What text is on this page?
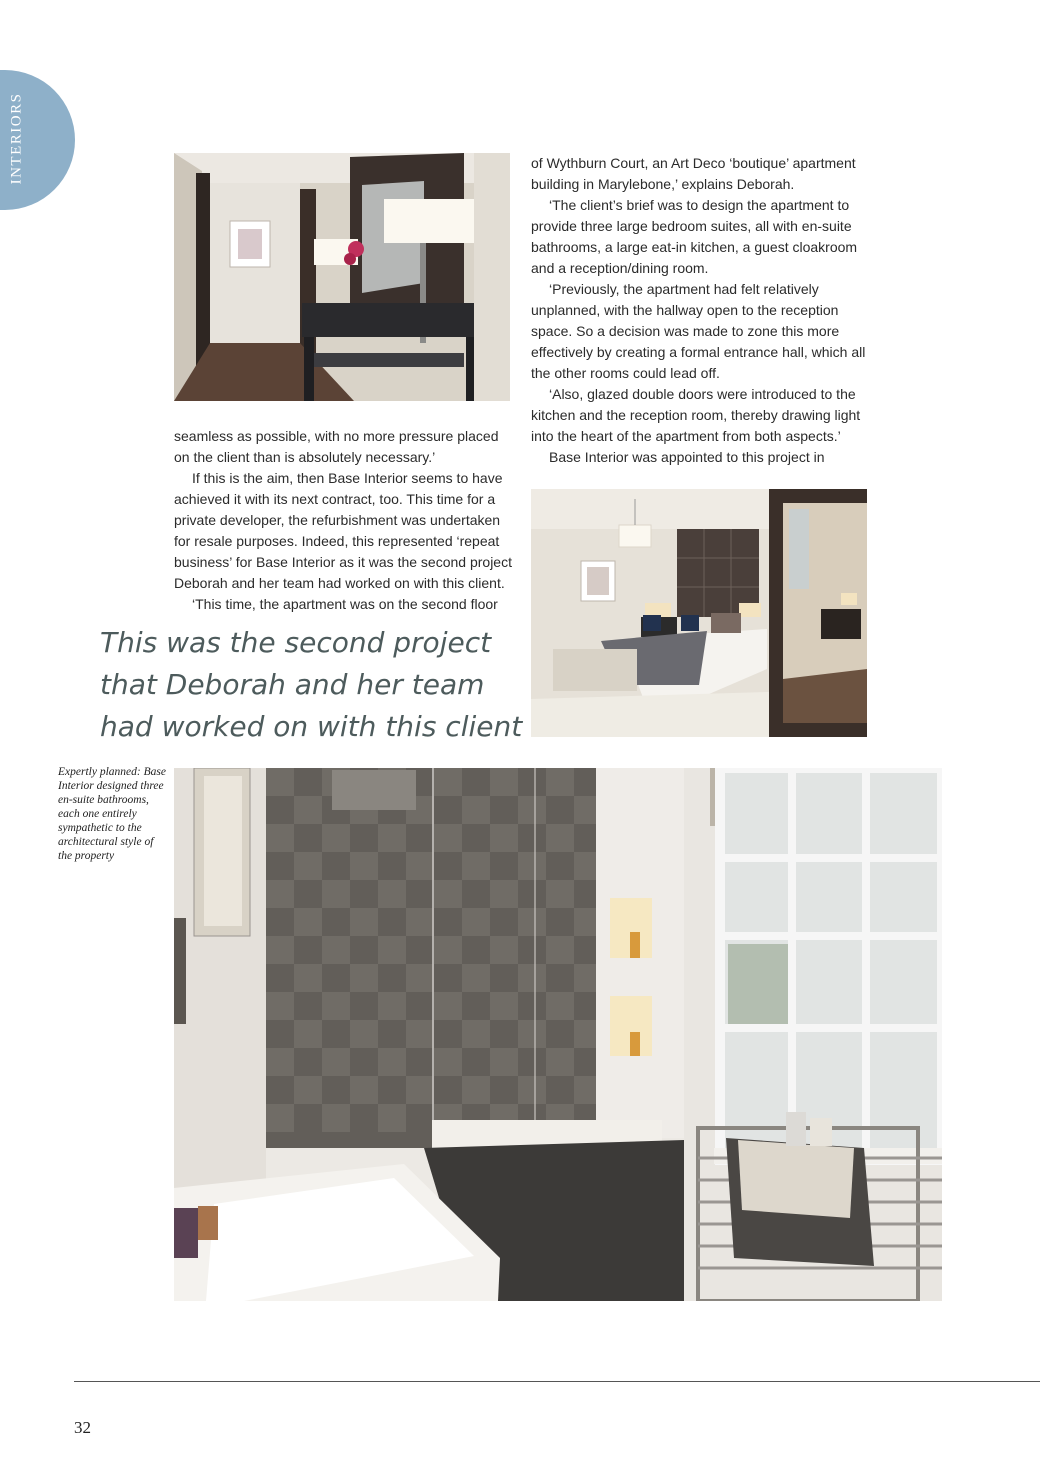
INTERIORS

seamless as possible, with no more pressure placed on the client than is absolutely necessary.’

If this is the aim, then Base Interior seems to have achieved it with its next contract, too. This time for a private developer, the refurbishment was undertaken for resale purposes. Indeed, this represented ‘repeat business’ for Base Interior as it was the second project Deborah and her team had worked on with this client.

‘This time, the apartment was on the second floor

of Wythburn Court, an Art Deco ‘boutique’ apartment building in Marylebone,’ explains Deborah.

‘The client’s brief was to design the apartment to provide three large bedroom suites, all with en-suite bathrooms, a large eat-in kitchen, a guest cloakroom and a reception/dining room.

‘Previously, the apartment had felt relatively unplanned, with the hallway open to the reception space. So a decision was made to zone this more effectively by creating a formal entrance hall, which all the other rooms could lead off.

‘Also, glazed double doors were introduced to the kitchen and the reception room, thereby drawing light into the heart of the apartment from both aspects.’

Base Interior was appointed to this project in

This was the second project
that Deborah and her team
had worked on with this client
Expertly planned: Base Interior designed three en-suite bathrooms, each one entirely sympathetic to the architectural style of the property
32
